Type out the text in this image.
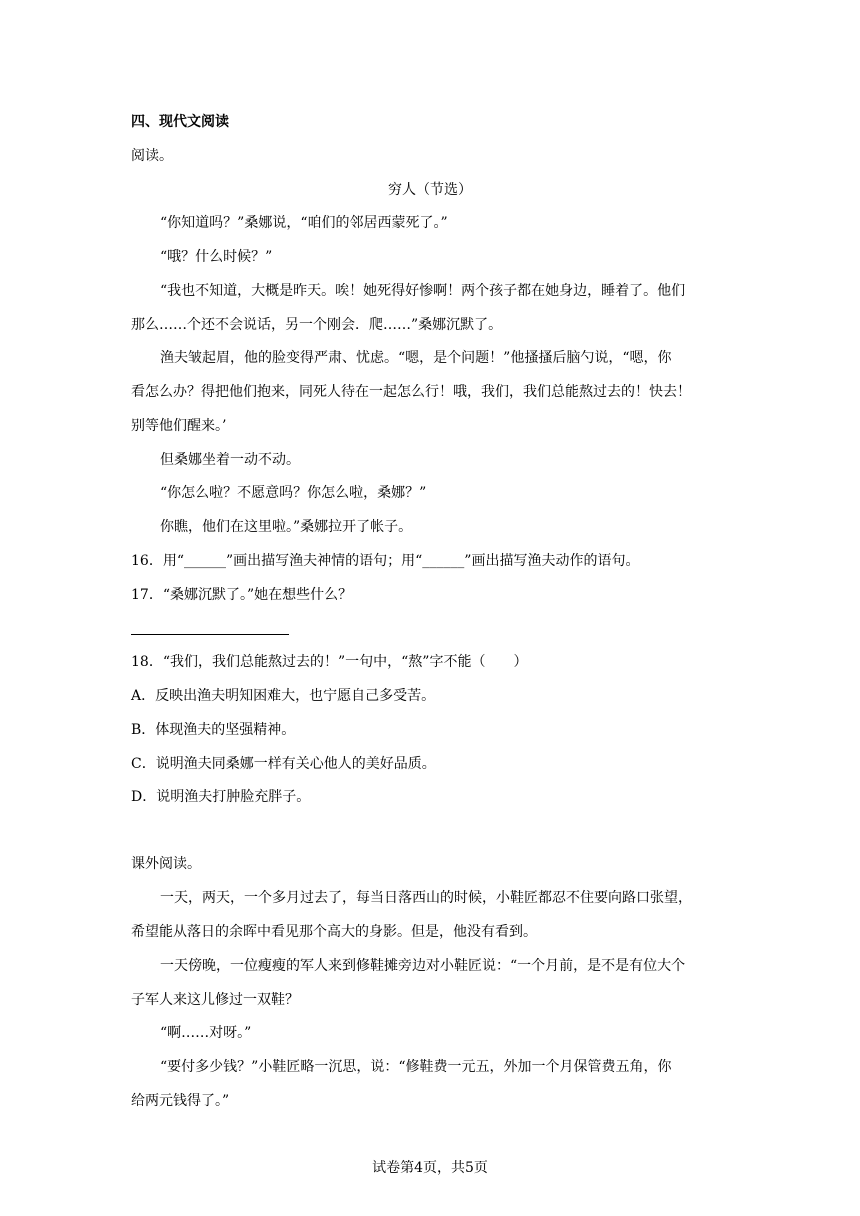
四、现代文阅读
阅读。
穷人（节选）
“你知道吗？”桑娜说，“咱们的邻居西蒙死了。”
“哦？什么时候？”
“我也不知道，大概是昨天。唉！她死得好惨啊！两个孩子都在她身边，睡着了。他们
那么……个还不会说话，另一个刚会．爬……”桑娜沉默了。
渔夫皱起眉，他的脸变得严肃、忧虑。“嗯，是个问题！”他搔搔后脑勺说，“嗯，你
看怎么办？得把他们抱来，同死人待在一起怎么行！哦，我们，我们总能熬过去的！快去！
别等他们醒来。’
但桑娜坐着一动不动。
“你怎么啦？不愿意吗？你怎么啦，桑娜？”
你瞧，他们在这里啦。”桑娜拉开了帐子。
16．用“______”画出描写渔夫神情的语句；用“______”画出描写渔夫动作的语句。
17．“桑娜沉默了。”她在想些什么？
18．“我们，我们总能熬过去的！”一句中，“熬”字不能（　　）
A．反映出渔夫明知困难大，也宁愿自己多受苦。
B．体现渔夫的坚强精神。
C．说明渔夫同桑娜一样有关心他人的美好品质。
D．说明渔夫打肿脸充胖子。
课外阅读。
一天，两天，一个多月过去了，每当日落西山的时候，小鞋匠都忍不住要向路口张望，
希望能从落日的余晖中看见那个高大的身影。但是，他没有看到。
一天傍晚，一位瘦瘦的军人来到修鞋摊旁边对小鞋匠说：“一个月前，是不是有位大个
子军人来这儿修过一双鞋？
“啊……对呀。”
“要付多少钱？”小鞋匠略一沉思，说：“修鞋费一元五，外加一个月保管费五角，你
给两元钱得了。”
试卷第4页，共5页
